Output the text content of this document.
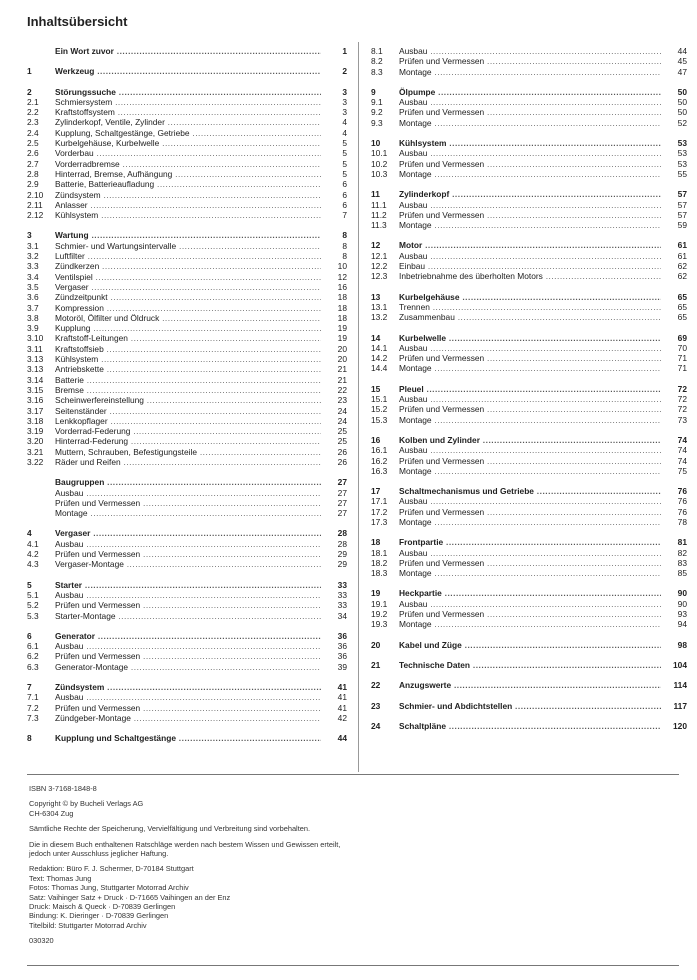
Inhaltsübersicht
Ein Wort zuvor .....	1
1	Werkzeug .....	2
2	Störungssuche .....	3
2.1	Schmiersystem .....	3
2.2	Kraftstoffsystem .....	3
2.3	Zylinderkopf, Ventile, Zylinder .....	4
2.4	Kupplung, Schaltgestänge, Getriebe .....	4
2.5	Kurbelgehäuse, Kurbelwelle .....	5
2.6	Vorderbau .....	5
2.7	Vorderradbremse .....	5
2.8	Hinterrad, Bremse, Aufhängung .....	5
2.9	Batterie, Batterieaufladung .....	6
2.10	Zündsystem .....	6
2.11	Anlasser .....	6
2.12	Kühlsystem .....	7
3	Wartung .....	8
3.1	Schmier- und Wartungsintervalle .....	8
3.2	Luftfilter .....	8
3.3	Zündkerzen .....	10
3.4	Ventilspiel .....	12
3.5	Vergaser .....	16
3.6	Zündzeitpunkt .....	18
3.7	Kompression .....	18
3.8	Motoröl, Ölfilter und Öldruck .....	18
3.9	Kupplung .....	19
3.10	Kraftstoff-Leitungen .....	19
3.11	Kraftstoffsieb .....	20
3.13	Kühlsystem .....	20
3.13	Antriebskette .....	21
3.14	Batterie .....	21
3.15	Bremse .....	22
3.16	Scheinwerfereinstellung .....	23
3.17	Seitenständer .....	24
3.18	Lenkkopflager .....	24
3.19	Vorderrad-Federung .....	25
3.20	Hinterrad-Federung .....	25
3.21	Muttern, Schrauben, Befestigungsteile .....	26
3.22	Räder und Reifen .....	26
Baugruppen .....	27
Ausbau .....	27
Prüfen und Vermessen .....	27
Montage .....	27
4	Vergaser .....	28
4.1	Ausbau .....	28
4.2	Prüfen und Vermessen .....	29
4.3	Vergaser-Montage .....	29
5	Starter .....	33
5.1	Ausbau .....	33
5.2	Prüfen und Vermessen .....	33
5.3	Starter-Montage .....	34
6	Generator .....	36
6.1	Ausbau .....	36
6.2	Prüfen und Vermessen .....	36
6.3	Generator-Montage .....	39
7	Zündsystem .....	41
7.1	Ausbau .....	41
7.2	Prüfen und Vermessen .....	41
7.3	Zündgeber-Montage .....	42
8	Kupplung und Schaltgestänge .....	44
8.1	Ausbau .....	44
8.2	Prüfen und Vermessen .....	45
8.3	Montage .....	47
9	Ölpumpe .....	50
9.1	Ausbau .....	50
9.2	Prüfen und Vermessen .....	50
9.3	Montage .....	52
10	Kühlsystem .....	53
10.1	Ausbau .....	53
10.2	Prüfen und Vermessen .....	53
10.3	Montage .....	55
11	Zylinderkopf .....	57
11.1	Ausbau .....	57
11.2	Prüfen und Vermessen .....	57
11.3	Montage .....	59
12	Motor .....	61
12.1	Ausbau .....	61
12.2	Einbau .....	62
12.3	Inbetriebnahme des überholten Motors .....	62
13	Kurbelgehäuse .....	65
13.1	Trennen .....	65
13.2	Zusammenbau .....	65
14	Kurbelwelle .....	69
14.1	Ausbau .....	70
14.2	Prüfen und Vermessen .....	71
14.4	Montage .....	71
15	Pleuel .....	72
15.1	Ausbau .....	72
15.2	Prüfen und Vermessen .....	72
15.3	Montage .....	73
16	Kolben und Zylinder .....	74
16.1	Ausbau .....	74
16.2	Prüfen und Vermessen .....	74
16.3	Montage .....	75
17	Schaltmechanismus und Getriebe .....	76
17.1	Ausbau .....	76
17.2	Prüfen und Vermessen .....	76
17.3	Montage .....	78
18	Frontpartie .....	81
18.1	Ausbau .....	82
18.2	Prüfen und Vermessen .....	83
18.3	Montage .....	85
19	Heckpartie .....	90
19.1	Ausbau .....	90
19.2	Prüfen und Vermessen .....	93
19.3	Montage .....	94
20	Kabel und Züge .....	98
21	Technische Daten .....	104
22	Anzugswerte .....	114
23	Schmier- und Abdichtstellen .....	117
24	Schaltpläne .....	120
ISBN 3-7168-1848-8
Copyright © by Bucheli Verlags AG
CH-6304 Zug
Sämtliche Rechte der Speicherung, Vervielfältigung und Verbreitung sind vorbehalten.
Die in diesem Buch enthaltenen Ratschläge werden nach bestem Wissen und Gewissen erteilt,
jedoch unter Ausschluss jeglicher Haftung.
Redaktion: Büro F. J. Schermer, D-70184 Stuttgart
Text: Thomas Jung
Fotos: Thomas Jung, Stuttgarter Motorrad Archiv
Satz: Vaihinger Satz + Druck · D-71665 Vaihingen an der Enz
Druck: Maisch & Queck · D-70839 Gerlingen
Bindung: K. Dieringer · D-70839 Gerlingen
Titelbild: Stuttgarter Motorrad Archiv
030320
